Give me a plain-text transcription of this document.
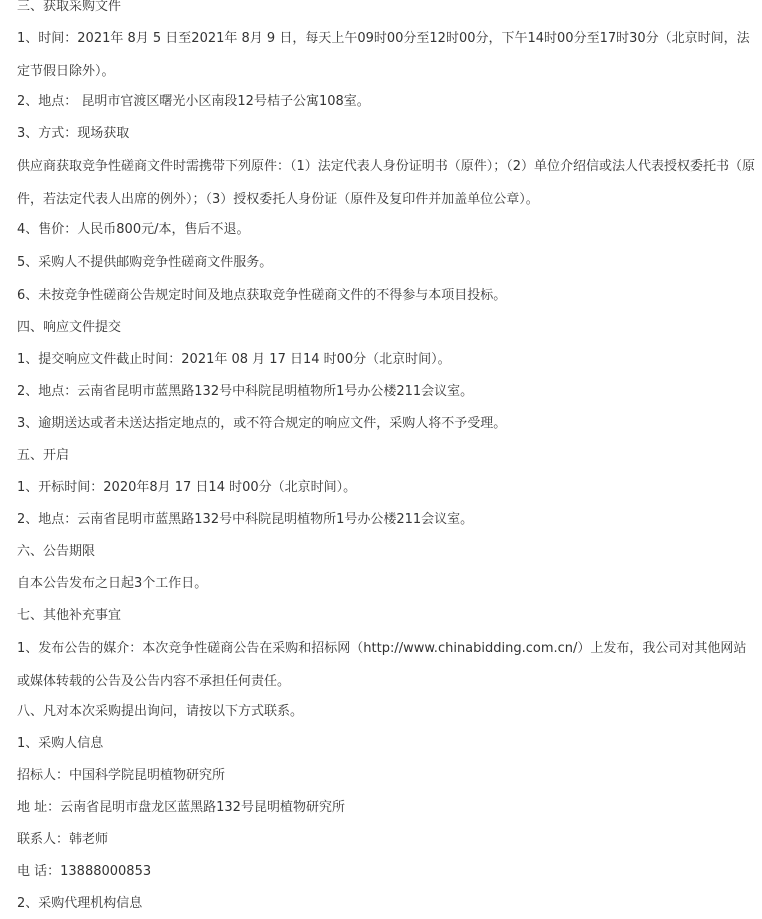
三、获取采购文件
1、时间：2021年 8月 5 日至2021年 8月 9 日，每天上午09时00分至12时00分，下午14时00分至17时30分（北京时间，法定节假日除外）。
2、地点： 昆明市官渡区曙光小区南段12号桔子公寓108室。
3、方式：现场获取
供应商获取竞争性磋商文件时需携带下列原件：（1）法定代表人身份证明书（原件）；（2）单位介绍信或法人代表授权委托书（原件，若法定代表人出席的例外）；（3）授权委托人身份证（原件及复印件并加盖单位公章）。
4、售价：人民币800元/本，售后不退。
5、采购人不提供邮购竞争性磋商文件服务。
6、未按竞争性磋商公告规定时间及地点获取竞争性磋商文件的不得参与本项目投标。
四、响应文件提交
1、提交响应文件截止时间：2021年 08 月 17 日14 时00分（北京时间）。
2、地点：云南省昆明市蓝黑路132号中科院昆明植物所1号办公楼211会议室。
3、逾期送达或者未送达指定地点的，或不符合规定的响应文件，采购人将不予受理。
五、开启
1、开标时间：2020年8月 17 日14 时00分（北京时间）。
2、地点：云南省昆明市蓝黑路132号中科院昆明植物所1号办公楼211会议室。
六、公告期限
自本公告发布之日起3个工作日。
七、其他补充事宜
1、发布公告的媒介：本次竞争性磋商公告在采购和招标网（http://www.chinabidding.com.cn/）上发布，我公司对其他网站或媒体转载的公告及公告内容不承担任何责任。
八、凡对本次采购提出询问，请按以下方式联系。
1、采购人信息
招标人：中国科学院昆明植物研究所
地 址：云南省昆明市盘龙区蓝黑路132号昆明植物研究所
联系人：韩老师
电 话：13888000853
2、采购代理机构信息
